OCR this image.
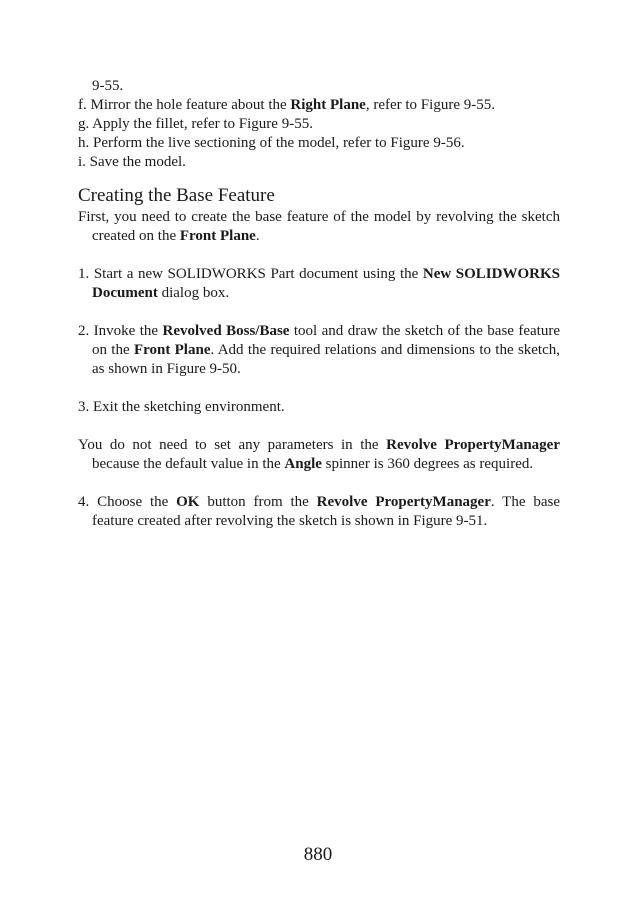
9-55.

f. Mirror the hole feature about the Right Plane, refer to Figure 9-55.

g. Apply the fillet, refer to Figure 9-55.

h. Perform the live sectioning of the model, refer to Figure 9-56.

i. Save the model.

Creating the Base Feature

First, you need to create the base feature of the model by revolving the sketch created on the Front Plane.

1. Start a new SOLIDWORKS Part document using the New SOLIDWORKS Document dialog box.

2. Invoke the Revolved Boss/Base tool and draw the sketch of the base feature on the Front Plane. Add the required relations and dimensions to the sketch, as shown in Figure 9-50.

3. Exit the sketching environment.

You do not need to set any parameters in the Revolve PropertyManager because the default value in the Angle spinner is 360 degrees as required.

4. Choose the OK button from the Revolve PropertyManager. The base feature created after revolving the sketch is shown in Figure 9-51.

880
